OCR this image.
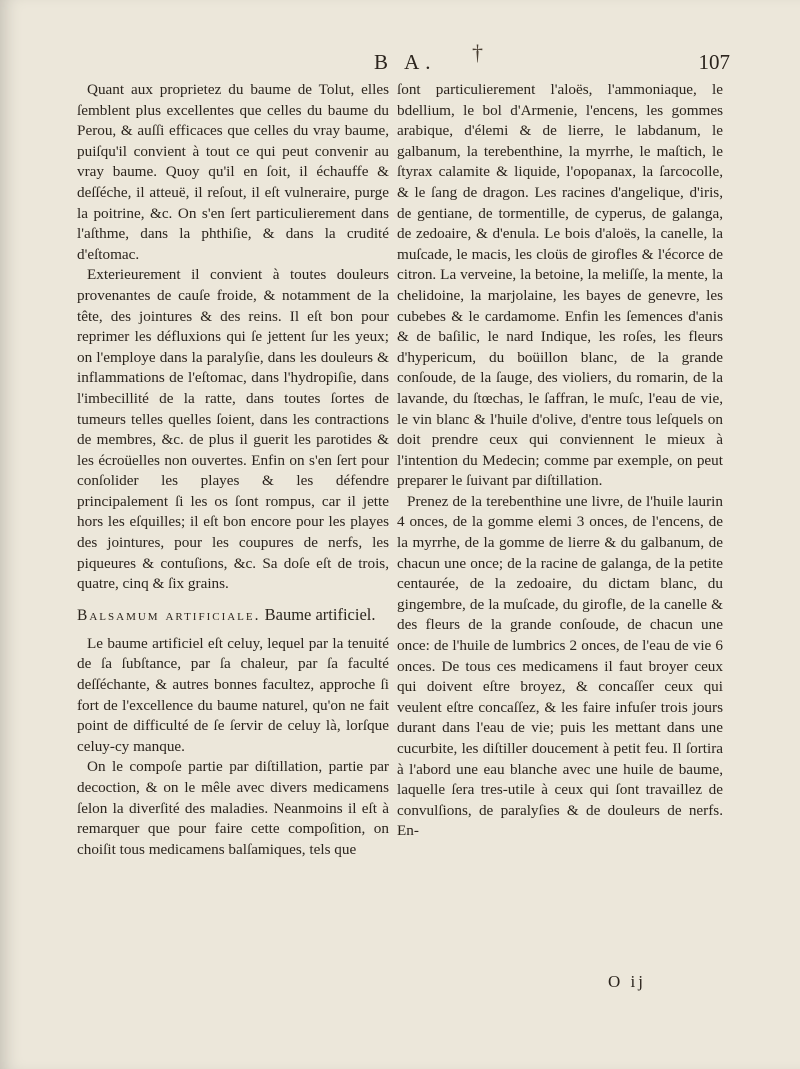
†
B A.	107

Quant aux proprietez du baume de Tolut, elles ſemblent plus excellentes que celles du baume du Perou, & auſſi efficaces que celles du vray baume, puiſqu'il convient à tout ce qui peut convenir au vray baume. Quoy qu'il en ſoit, il échauffe & deſſéche, il atteuë, il reſout, il eſt vulneraire, purge la poitrine, &c. On s'en ſert particulierement dans l'aſthme, dans la phthiſie, & dans la crudité d'eſtomac.

Exterieurement il convient à toutes douleurs provenantes de cauſe froide, & notamment de la tête, des jointures & des reins. Il eſt bon pour reprimer les défluxions qui ſe jettent ſur les yeux; on l'employe dans la paralyſie, dans les douleurs & inflammations de l'eſtomac, dans l'hydropiſie, dans l'imbecillité de la ratte, dans toutes ſortes de tumeurs telles quelles ſoient, dans les contractions de membres, &c. de plus il guerit les parotides & les écroüelles non ouvertes. Enfin on s'en ſert pour conſolider les playes & les défendre principalement ſi les os ſont rompus, car il jette hors les eſquilles; il eſt bon encore pour les playes des jointures, pour les coupures de nerfs, les piqueures & contuſions, &c. Sa doſe eſt de trois, quatre, cinq & ſix grains.

Balsamum artificiale. Baume artificiel.

Le baume artificiel eſt celuy, lequel par la tenuité de ſa ſubſtance, par ſa chaleur, par ſa faculté deſſéchante, & autres bonnes facultez, approche ſi fort de l'excellence du baume naturel, qu'on ne fait point de difficulté de ſe ſervir de celuy là, lorſque celuy-cy manque.

On le compoſe partie par diſtillation, partie par decoction, & on le mêle avec divers medicamens ſelon la diverſité des maladies. Neanmoins il eſt à remarquer que pour faire cette compoſition, on choiſit tous medicamens balſamiques, tels que

ſont particulierement l'aloës, l'ammoniaque, le bdellium, le bol d'Armenie, l'encens, les gommes arabique, d'élemi & de lierre, le labdanum, le galbanum, la terebenthine, la myrrhe, le maſtich, le ſtyrax calamite & liquide, l'opopanax, la ſarcocolle, & le ſang de dragon. Les racines d'angelique, d'iris, de gentiane, de tormentille, de cyperus, de galanga, de zedoaire, & d'enula. Le bois d'aloës, la canelle, la muſcade, le macis, les cloüs de girofles & l'écorce de citron. La verveine, la betoine, la meliſſe, la mente, la chelidoine, la marjolaine, les bayes de genevre, les cubebes & le cardamome. Enfin les ſemences d'anis & de baſilic, le nard Indique, les roſes, les fleurs d'hypericum, du boüillon blanc, de la grande conſoude, de la ſauge, des violiers, du romarin, de la lavande, du ſtœchas, le ſaffran, le muſc, l'eau de vie, le vin blanc & l'huile d'olive, d'entre tous leſquels on doit prendre ceux qui conviennent le mieux à l'intention du Medecin; comme par exemple, on peut preparer le ſuivant par diſtillation.

Prenez de la terebenthine une livre, de l'huile laurin 4 onces, de la gomme elemi 3 onces, de l'encens, de la myrrhe, de la gomme de lierre & du galbanum, de chacun une once; de la racine de galanga, de la petite centaurée, de la zedoaire, du dictam blanc, du gingembre, de la muſcade, du girofle, de la canelle & des fleurs de la grande conſoude, de chacun une once: de l'huile de lumbrics 2 onces, de l'eau de vie 6 onces. De tous ces medicamens il faut broyer ceux qui doivent eſtre broyez, & concaſſer ceux qui veulent eſtre concaſſez, & les faire infuſer trois jours durant dans l'eau de vie; puis les mettant dans une cucurbite, les diſtiller doucement à petit feu. Il ſortira à l'abord une eau blanche avec une huile de baume, laquelle ſera tres-utile à ceux qui ſont travaillez de convulſions, de paralyſies & de douleurs de nerfs. En-

O ij
